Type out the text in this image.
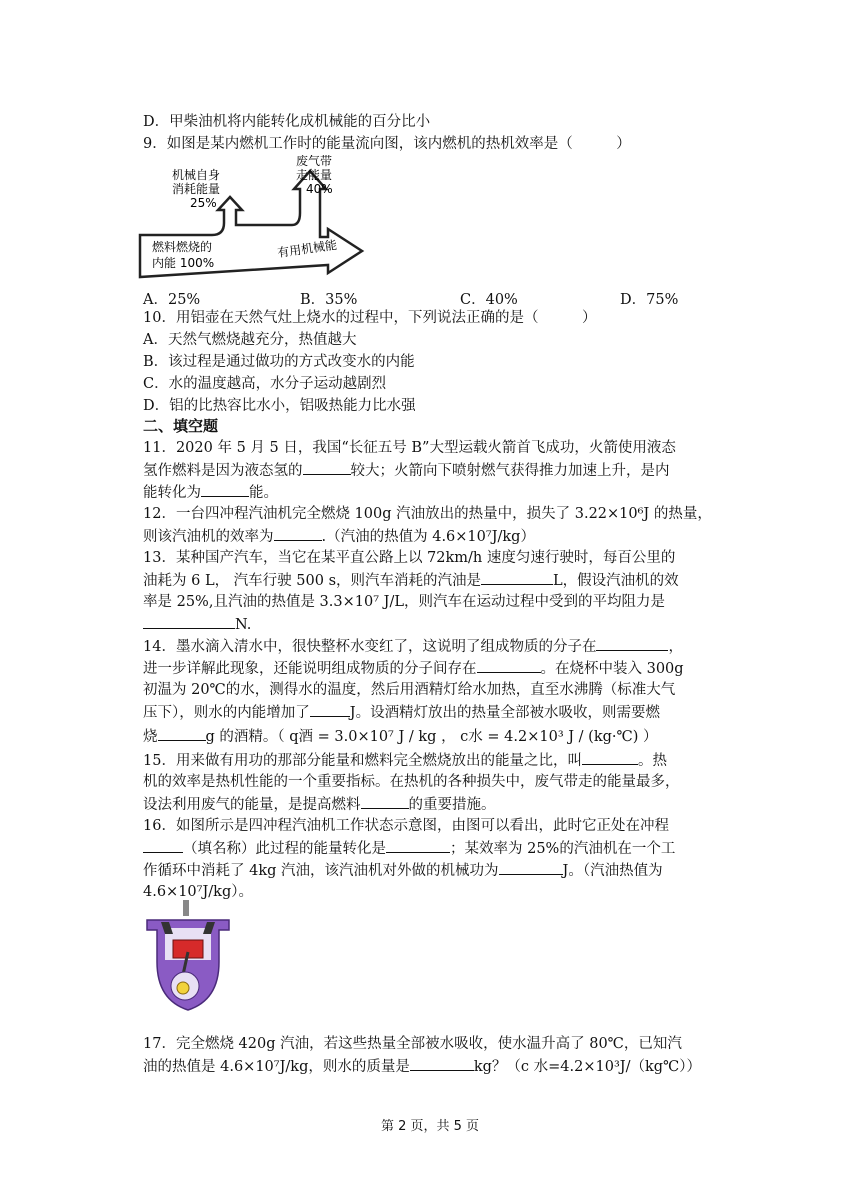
D．甲柴油机将内能转化成机械能的百分比小
9．如图是某内燃机工作时的能量流向图，该内燃机的热机效率是（　　　）
机械自身
消耗能量
25%
废气带
走能量
40%
燃料燃烧的
内能 100%
有用机械能
A．25%	B．35%	C．40%	D．75%
10．用铝壶在天然气灶上烧水的过程中，下列说法正确的是（　　　）
A．天然气燃烧越充分，热值越大
B．该过程是通过做功的方式改变水的内能
C．水的温度越高，水分子运动越剧烈
D．铝的比热容比水小，铝吸热能力比水强
二、填空题
11．2020 年 5 月 5 日，我国“长征五号 B”大型运载火箭首飞成功，火箭使用液态
氢作燃料是因为液态氢的	较大；火箭向下喷射燃气获得推力加速上升，是内
能转化为	能。
12．一台四冲程汽油机完全燃烧 100g 汽油放出的热量中，损失了 3.22×10⁶J 的热量，
则该汽油机的效率为	.（汽油的热值为 4.6×10⁷J/kg）
13．某种国产汽车，当它在某平直公路上以 72km/h 速度匀速行驶时，每百公里的
油耗为 6 L， 汽车行驶 500 s，则汽车消耗的汽油是	L，假设汽油机的效
率是 25%,且汽油的热值是 3.3×10⁷ J/L，则汽车在运动过程中受到的平均阻力是
N.
14．墨水滴入清水中，很快整杯水变红了，这说明了组成物质的分子在	，
进一步详解此现象，还能说明组成物质的分子间存在	。在烧杯中装入 300g
初温为 20℃的水，测得水的温度，然后用酒精灯给水加热，直至水沸腾（标准大气
压下），则水的内能增加了	J。设酒精灯放出的热量全部被水吸收，则需要燃
烧	g 的酒精。（ q酒 = 3.0×10⁷ J / kg ， c水 = 4.2×10³ J / (kg·℃) ）
15．用来做有用功的那部分能量和燃料完全燃烧放出的能量之比，叫	。热
机的效率是热机性能的一个重要指标。在热机的各种损失中，废气带走的能量最多，
设法利用废气的能量，是提高燃料	的重要措施。
16．如图所示是四冲程汽油机工作状态示意图，由图可以看出，此时它正处在冲程
（填名称）此过程的能量转化是	；某效率为 25%的汽油机在一个工
作循环中消耗了 4kg 汽油，该汽油机对外做的机械功为	J。（汽油热值为
4.6×10⁷J/kg）。
17．完全燃烧 420g 汽油，若这些热量全部被水吸收，使水温升高了 80℃，已知汽
油的热值是 4.6×10⁷J/kg，则水的质量是	kg？（c 水=4.2×10³J/（kg℃））
第 2 页，共 5 页
